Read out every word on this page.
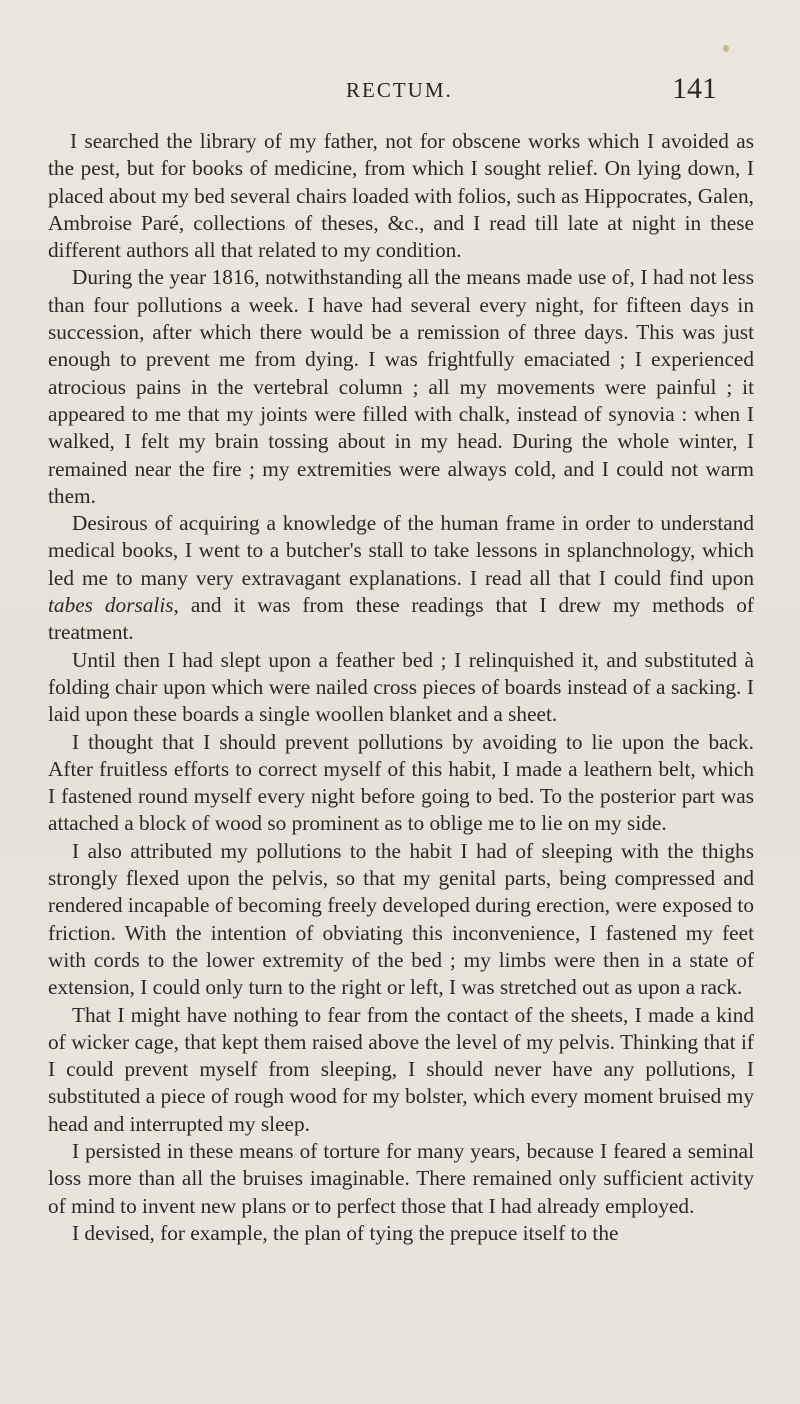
RECTUM.	141

I searched the library of my father, not for obscene works which I avoided as the pest, but for books of medicine, from which I sought relief. On lying down, I placed about my bed several chairs loaded with folios, such as Hippocrates, Galen, Ambroise Paré, collections of theses, &c., and I read till late at night in these different authors all that related to my condition.

During the year 1816, notwithstanding all the means made use of, I had not less than four pollutions a week. I have had several every night, for fifteen days in succession, after which there would be a remission of three days. This was just enough to prevent me from dying. I was frightfully emaciated ; I experienced atrocious pains in the vertebral column ; all my movements were painful ; it appeared to me that my joints were filled with chalk, instead of synovia : when I walked, I felt my brain tossing about in my head. During the whole winter, I remained near the fire ; my extremities were always cold, and I could not warm them.

Desirous of acquiring a knowledge of the human frame in order to understand medical books, I went to a butcher's stall to take lessons in splanchnology, which led me to many very extravagant explanations. I read all that I could find upon tabes dorsalis, and it was from these readings that I drew my methods of treatment.

Until then I had slept upon a feather bed ; I relinquished it, and substituted à folding chair upon which were nailed cross pieces of boards instead of a sacking. I laid upon these boards a single woollen blanket and a sheet.

I thought that I should prevent pollutions by avoiding to lie upon the back. After fruitless efforts to correct myself of this habit, I made a leathern belt, which I fastened round myself every night before going to bed. To the posterior part was attached a block of wood so prominent as to oblige me to lie on my side.

I also attributed my pollutions to the habit I had of sleeping with the thighs strongly flexed upon the pelvis, so that my genital parts, being compressed and rendered incapable of becoming freely developed during erection, were exposed to friction. With the intention of obviating this inconvenience, I fastened my feet with cords to the lower extremity of the bed ; my limbs were then in a state of extension, I could only turn to the right or left, I was stretched out as upon a rack.

That I might have nothing to fear from the contact of the sheets, I made a kind of wicker cage, that kept them raised above the level of my pelvis. Thinking that if I could prevent myself from sleeping, I should never have any pollutions, I substituted a piece of rough wood for my bolster, which every moment bruised my head and interrupted my sleep.

I persisted in these means of torture for many years, because I feared a seminal loss more than all the bruises imaginable. There remained only sufficient activity of mind to invent new plans or to perfect those that I had already employed.

I devised, for example, the plan of tying the prepuce itself to the
